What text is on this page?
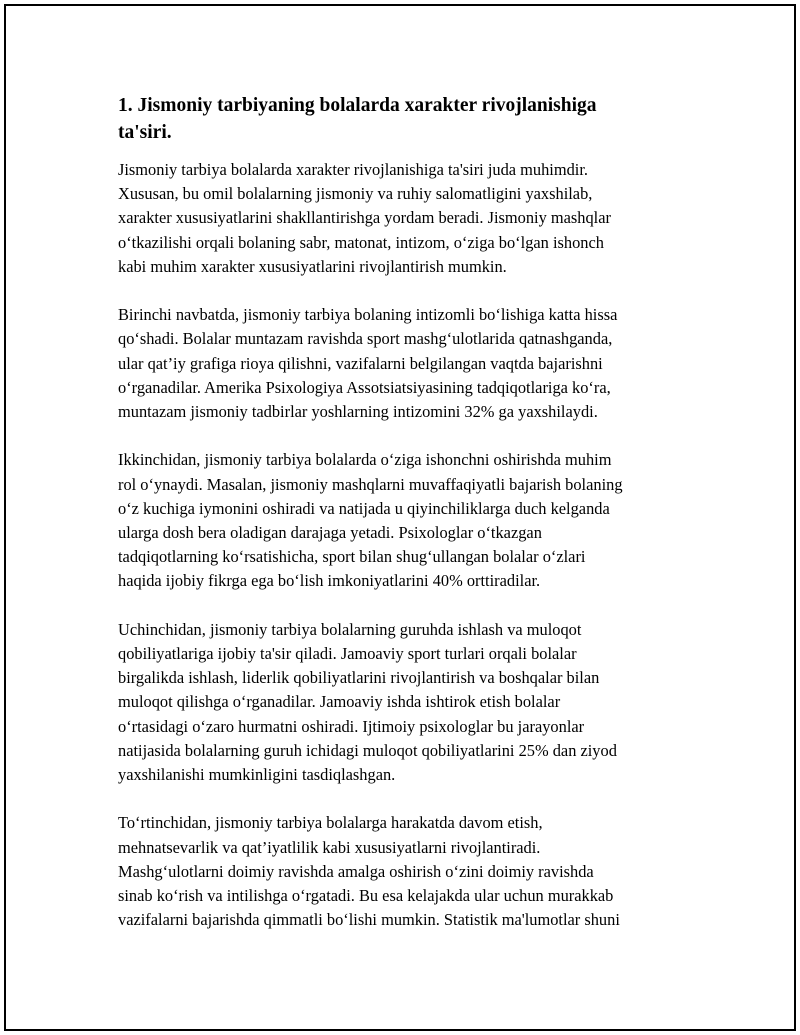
1. Jismoniy tarbiyaning bolalarda xarakter rivojlanishiga
ta'siri.

Jismoniy tarbiya bolalarda xarakter rivojlanishiga ta'siri juda muhimdir.
Xususan, bu omil bolalarning jismoniy va ruhiy salomatligini yaxshilab,
xarakter xususiyatlarini shakllantirishga yordam beradi. Jismoniy mashqlar
o‘tkazilishi orqali bolaning sabr, matonat, intizom, o‘ziga bo‘lgan ishonch
kabi muhim xarakter xususiyatlarini rivojlantirish mumkin.

Birinchi navbatda, jismoniy tarbiya bolaning intizomli bo‘lishiga katta hissa
qo‘shadi. Bolalar muntazam ravishda sport mashg‘ulotlarida qatnashganda,
ular qat’iy grafiga rioya qilishni, vazifalarni belgilangan vaqtda bajarishni
o‘rganadilar. Amerika Psixologiya Assotsiatsiyasining tadqiqotlariga ko‘ra,
muntazam jismoniy tadbirlar yoshlarning intizomini 32% ga yaxshilaydi.

Ikkinchidan, jismoniy tarbiya bolalarda o‘ziga ishonchni oshirishda muhim
rol o‘ynaydi. Masalan, jismoniy mashqlarni muvaffaqiyatli bajarish bolaning
o‘z kuchiga iymonini oshiradi va natijada u qiyinchiliklarga duch kelganda
ularga dosh bera oladigan darajaga yetadi. Psixologlar o‘tkazgan
tadqiqotlarning ko‘rsatishicha, sport bilan shug‘ullangan bolalar o‘zlari
haqida ijobiy fikrga ega bo‘lish imkoniyatlarini 40% orttiradilar.

Uchinchidan, jismoniy tarbiya bolalarning guruhda ishlash va muloqot
qobiliyatlariga ijobiy ta'sir qiladi. Jamoaviy sport turlari orqali bolalar
birgalikda ishlash, liderlik qobiliyatlarini rivojlantirish va boshqalar bilan
muloqot qilishga o‘rganadilar. Jamoaviy ishda ishtirok etish bolalar
o‘rtasidagi o‘zaro hurmatni oshiradi. Ijtimoiy psixologlar bu jarayonlar
natijasida bolalarning guruh ichidagi muloqot qobiliyatlarini 25% dan ziyod
yaxshilanishi mumkinligini tasdiqlashgan.

To‘rtinchidan, jismoniy tarbiya bolalarga harakatda davom etish,
mehnatsevarlik va qat’iyatlilik kabi xususiyatlarni rivojlantiradi.
Mashg‘ulotlarni doimiy ravishda amalga oshirish o‘zini doimiy ravishda
sinab ko‘rish va intilishga o‘rgatadi. Bu esa kelajakda ular uchun murakkab
vazifalarni bajarishda qimmatli bo‘lishi mumkin. Statistik ma'lumotlar shuni
